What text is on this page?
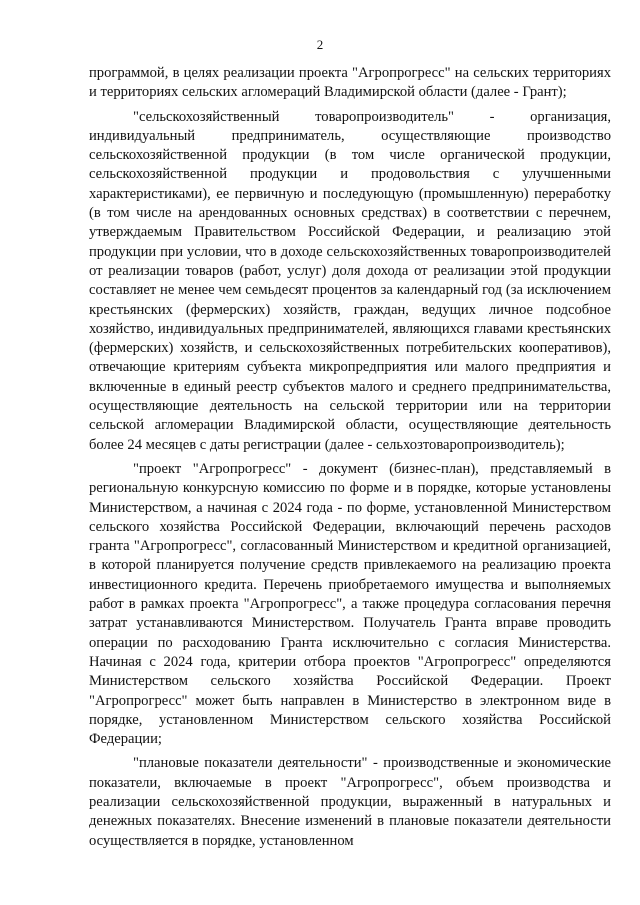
2

программой, в целях реализации проекта "Агропрогресс" на сельских территориях и территориях сельских агломераций Владимирской области (далее - Грант);

"сельскохозяйственный товаропроизводитель" - организация, индивидуальный предприниматель, осуществляющие производство сельскохозяйственной продукции (в том числе органической продукции, сельскохозяйственной продукции и продовольствия с улучшенными характеристиками), ее первичную и последующую (промышленную) переработку (в том числе на арендованных основных средствах) в соответствии с перечнем, утверждаемым Правительством Российской Федерации, и реализацию этой продукции при условии, что в доходе сельскохозяйственных товаропроизводителей от реализации товаров (работ, услуг) доля дохода от реализации этой продукции составляет не менее чем семьдесят процентов за календарный год (за исключением крестьянских (фермерских) хозяйств, граждан, ведущих личное подсобное хозяйство, индивидуальных предпринимателей, являющихся главами крестьянских (фермерских) хозяйств, и сельскохозяйственных потребительских кооперативов), отвечающие критериям субъекта микропредприятия или малого предприятия и включенные в единый реестр субъектов малого и среднего предпринимательства, осуществляющие деятельность на сельской территории или на территории сельской агломерации Владимирской области, осуществляющие деятельность более 24 месяцев с даты регистрации (далее - сельхозтоваропроизводитель);

"проект "Агропрогресс" - документ (бизнес-план), представляемый в региональную конкурсную комиссию по форме и в порядке, которые установлены Министерством, а начиная с 2024 года - по форме, установленной Министерством сельского хозяйства Российской Федерации, включающий перечень расходов гранта "Агропрогресс", согласованный Министерством и кредитной организацией, в которой планируется получение средств привлекаемого на реализацию проекта инвестиционного кредита. Перечень приобретаемого имущества и выполняемых работ в рамках проекта "Агропрогресс", а также процедура согласования перечня затрат устанавливаются Министерством. Получатель Гранта вправе проводить операции по расходованию Гранта исключительно с согласия Министерства. Начиная с 2024 года, критерии отбора проектов "Агропрогресс" определяются Министерством сельского хозяйства Российской Федерации. Проект "Агропрогресс" может быть направлен в Министерство в электронном виде в порядке, установленном Министерством сельского хозяйства Российской Федерации;

"плановые показатели деятельности" - производственные и экономические показатели, включаемые в проект "Агропрогресс", объем производства и реализации сельскохозяйственной продукции, выраженный в натуральных и денежных показателях. Внесение изменений в плановые показатели деятельности осуществляется в порядке, установленном
